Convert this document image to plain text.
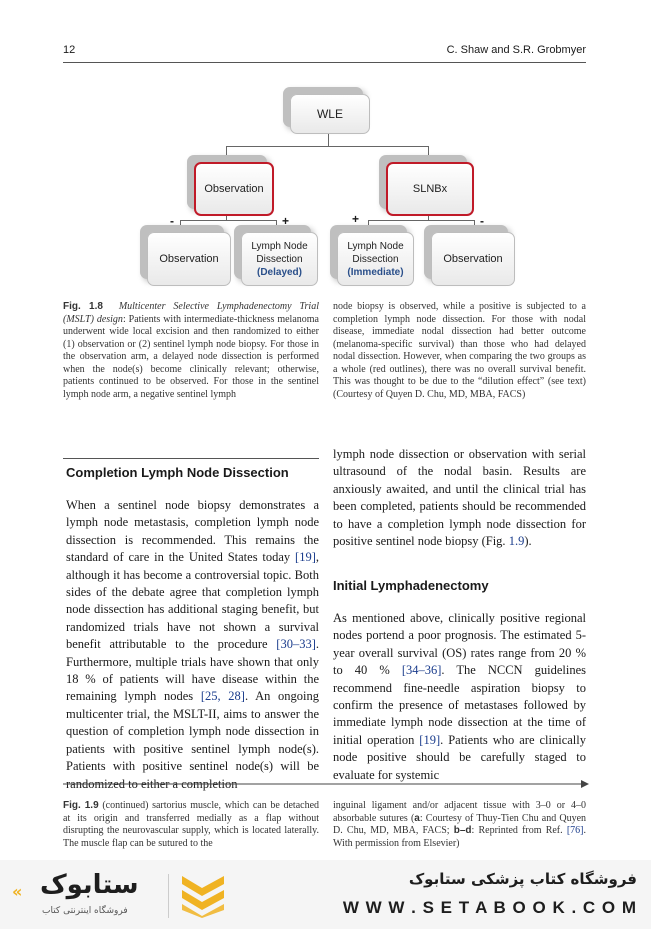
12	C. Shaw and S.R. Grobmyer
WLE
Observation	SLNBx
-	+	+	-
Observation
Lymph Node
Dissection
(Delayed)
Lymph Node
Dissection
(Immediate)
Observation
Fig. 1.8 Multicenter Selective Lymphadenectomy Trial (MSLT) design: Patients with intermediate-thickness melanoma underwent wide local excision and then randomized to either (1) observation or (2) sentinel lymph node biopsy. For those in the observation arm, a delayed node dissection is performed when the node(s) become clinically relevant; otherwise, patients continued to be observed. For those in the sentinel lymph node arm, a negative sentinel lymph
node biopsy is observed, while a positive is subjected to a completion lymph node dissection. For those with nodal disease, immediate nodal dissection had better outcome (melanoma-specific survival) than those who had delayed nodal dissection. However, when comparing the two groups as a whole (red outlines), there was no overall survival benefit. This was thought to be due to the “dilution effect” (see text) (Courtesy of Quyen D. Chu, MD, MBA, FACS)
Completion Lymph Node Dissection
When a sentinel node biopsy demonstrates a lymph node metastasis, completion lymph node dissection is recommended. This remains the standard of care in the United States today [19], although it has become a controversial topic. Both sides of the debate agree that completion lymph node dissection has additional staging benefit, but randomized trials have not shown a survival benefit attributable to the procedure [30–33]. Furthermore, multiple trials have shown that only 18 % of patients will have disease within the remaining lymph nodes [25, 28]. An ongoing multicenter trial, the MSLT-II, aims to answer the question of completion lymph node dissection in patients with positive sentinel lymph node(s). Patients with positive sentinel node(s) will be randomized to either a completion
lymph node dissection or observation with serial ultrasound of the nodal basin. Results are anxiously awaited, and until the clinical trial has been completed, patients should be recommended to have a completion lymph node dissection for positive sentinel node biopsy (Fig. 1.9).
Initial Lymphadenectomy
As mentioned above, clinically positive regional nodes portend a poor prognosis. The estimated 5-year overall survival (OS) rates range from 20 % to 40 % [34–36]. The NCCN guidelines recommend fine-needle aspiration biopsy to confirm the presence of metastases followed by immediate lymph node dissection at the time of initial operation [19]. Patients who are clinically node positive should be carefully staged to evaluate for systemic
Fig. 1.9 (continued) sartorius muscle, which can be detached at its origin and transferred medially as a flap without disrupting the neurovascular supply, which is located laterally. The muscle flap can be sutured to the
inguinal ligament and/or adjacent tissue with 3–0 or 4–0 absorbable sutures (a: Courtesy of Thuy-Tien Chu and Quyen D. Chu, MD, MBA, FACS; b–d: Reprinted from Ref. [76]. With permission from Elsevier)
ستابوک
فروشگاه اینترنتی کتاب
«
فروشگاه کتاب پزشکی ستابوک
W W W . S E T A B O O K . C O M
